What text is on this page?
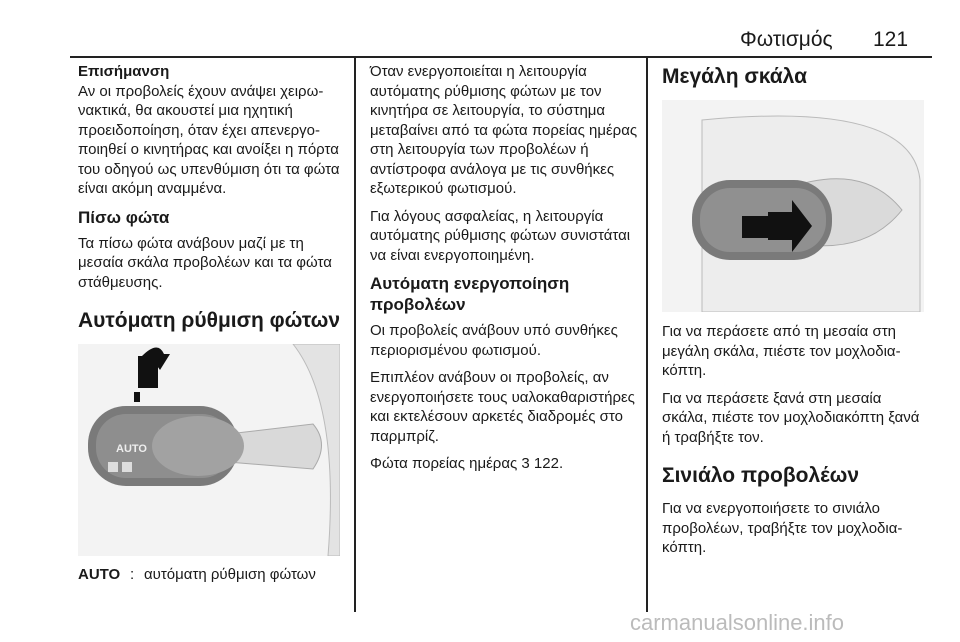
Φωτισμός 121
Επισήμανση

Αν οι προβολείς έχουν ανάψει χειρωνακτικά, θα ακουστεί μια ηχητική προειδοποίηση, όταν έχει απενεργοποιηθεί ο κινητήρας και ανοίξει η πόρτα του οδηγού ως υπενθύμιση ότι τα φώτα είναι ακόμη αναμμένα.

Πίσω φώτα

Τα πίσω φώτα ανάβουν μαζί με τη μεσαία σκάλα προβολέων και τα φώτα στάθμευσης.

Αυτόματη ρύθμιση φώτων
AUTO
AUTO : αυτόματη ρύθμιση φώτων

Όταν ενεργοποιείται η λειτουργία αυτόματης ρύθμισης φώτων με τον κινητήρα σε λειτουργία, το σύστημα μεταβαίνει από τα φώτα πορείας ημέρας στη λειτουργία των προβολέων ή αντίστροφα ανάλογα με τις συνθήκες εξωτερικού φωτισμού.

Για λόγους ασφαλείας, η λειτουργία αυτόματης ρύθμισης φώτων συνιστάται να είναι ενεργοποιημένη.

Αυτόματη ενεργοποίηση προβολέων

Οι προβολείς ανάβουν υπό συνθήκες περιορισμένου φωτισμού.

Επιπλέον ανάβουν οι προβολείς, αν ενεργοποιήσετε τους υαλοκαθαριστήρες και εκτελέσουν αρκετές διαδρομές στο παρμπρίζ.

Φώτα πορείας ημέρας 3 122.

Μεγάλη σκάλα

Για να περάσετε από τη μεσαία στη μεγάλη σκάλα, πιέστε τον μοχλοδιακόπτη.

Για να περάσετε ξανά στη μεσαία σκάλα, πιέστε τον μοχλοδιακόπτη ξανά ή τραβήξτε τον.

Σινιάλο προβολέων

Για να ενεργοποιήσετε το σινιάλο προβολέων, τραβήξτε τον μοχλοδιακόπτη.

carmanualsonline.info
